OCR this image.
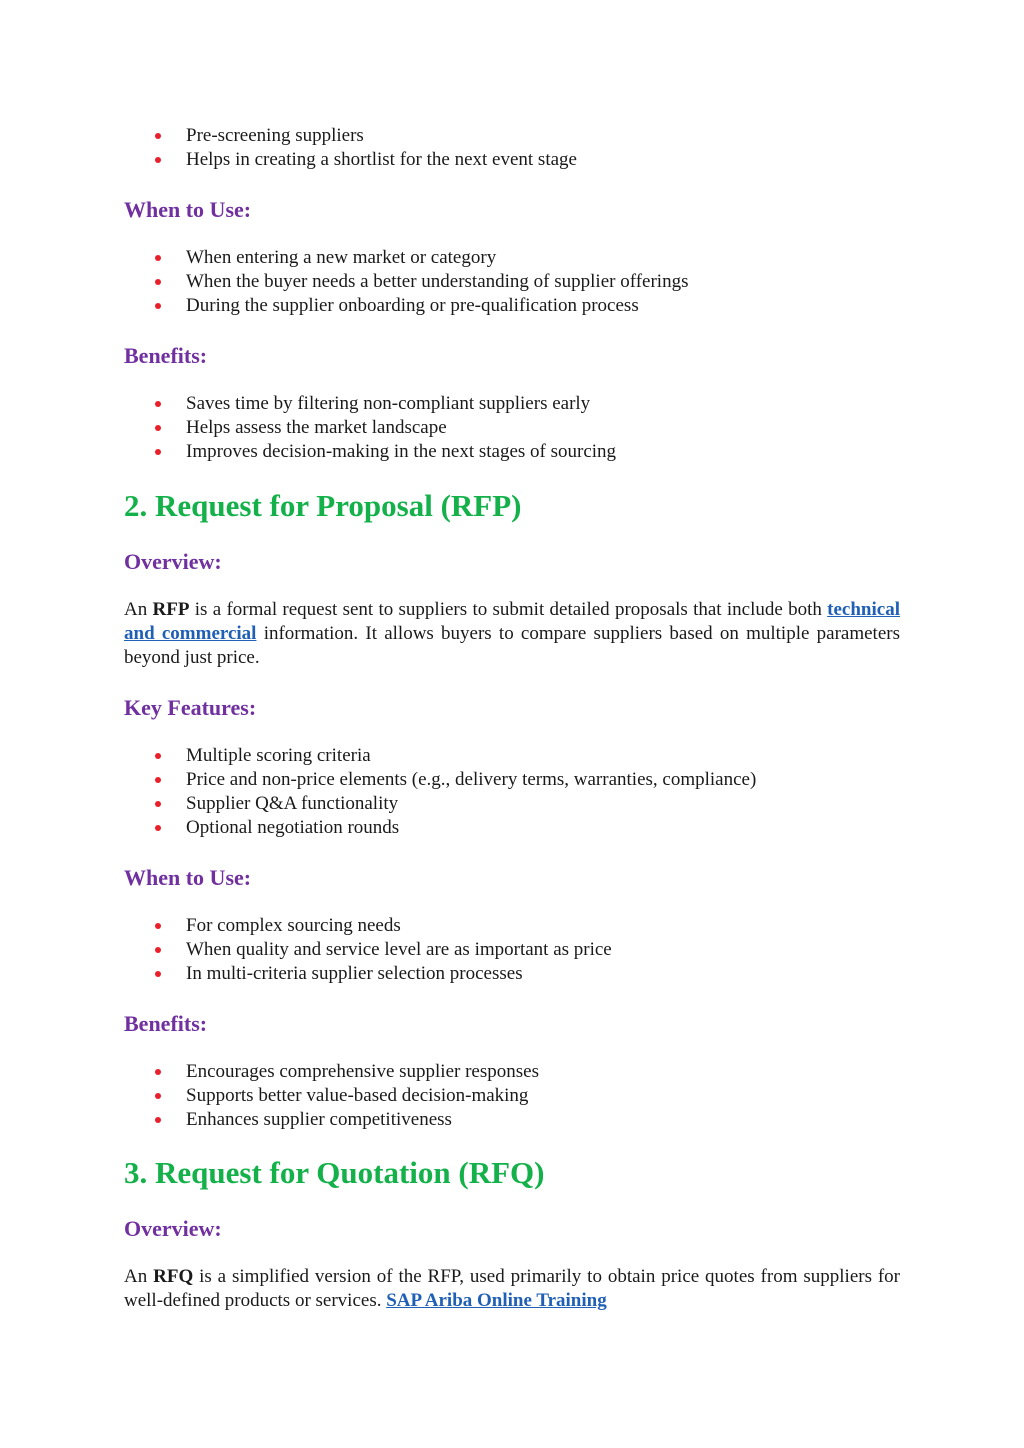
Pre-screening suppliers
Helps in creating a shortlist for the next event stage
When to Use:
When entering a new market or category
When the buyer needs a better understanding of supplier offerings
During the supplier onboarding or pre-qualification process
Benefits:
Saves time by filtering non-compliant suppliers early
Helps assess the market landscape
Improves decision-making in the next stages of sourcing
2. Request for Proposal (RFP)
Overview:

An RFP is a formal request sent to suppliers to submit detailed proposals that include both technical and commercial information. It allows buyers to compare suppliers based on multiple parameters beyond just price.

Key Features:
Multiple scoring criteria
Price and non-price elements (e.g., delivery terms, warranties, compliance)
Supplier Q&A functionality
Optional negotiation rounds
When to Use:
For complex sourcing needs
When quality and service level are as important as price
In multi-criteria supplier selection processes
Benefits:
Encourages comprehensive supplier responses
Supports better value-based decision-making
Enhances supplier competitiveness
3. Request for Quotation (RFQ)
Overview:

An RFQ is a simplified version of the RFP, used primarily to obtain price quotes from suppliers for well-defined products or services. SAP Ariba Online Training
